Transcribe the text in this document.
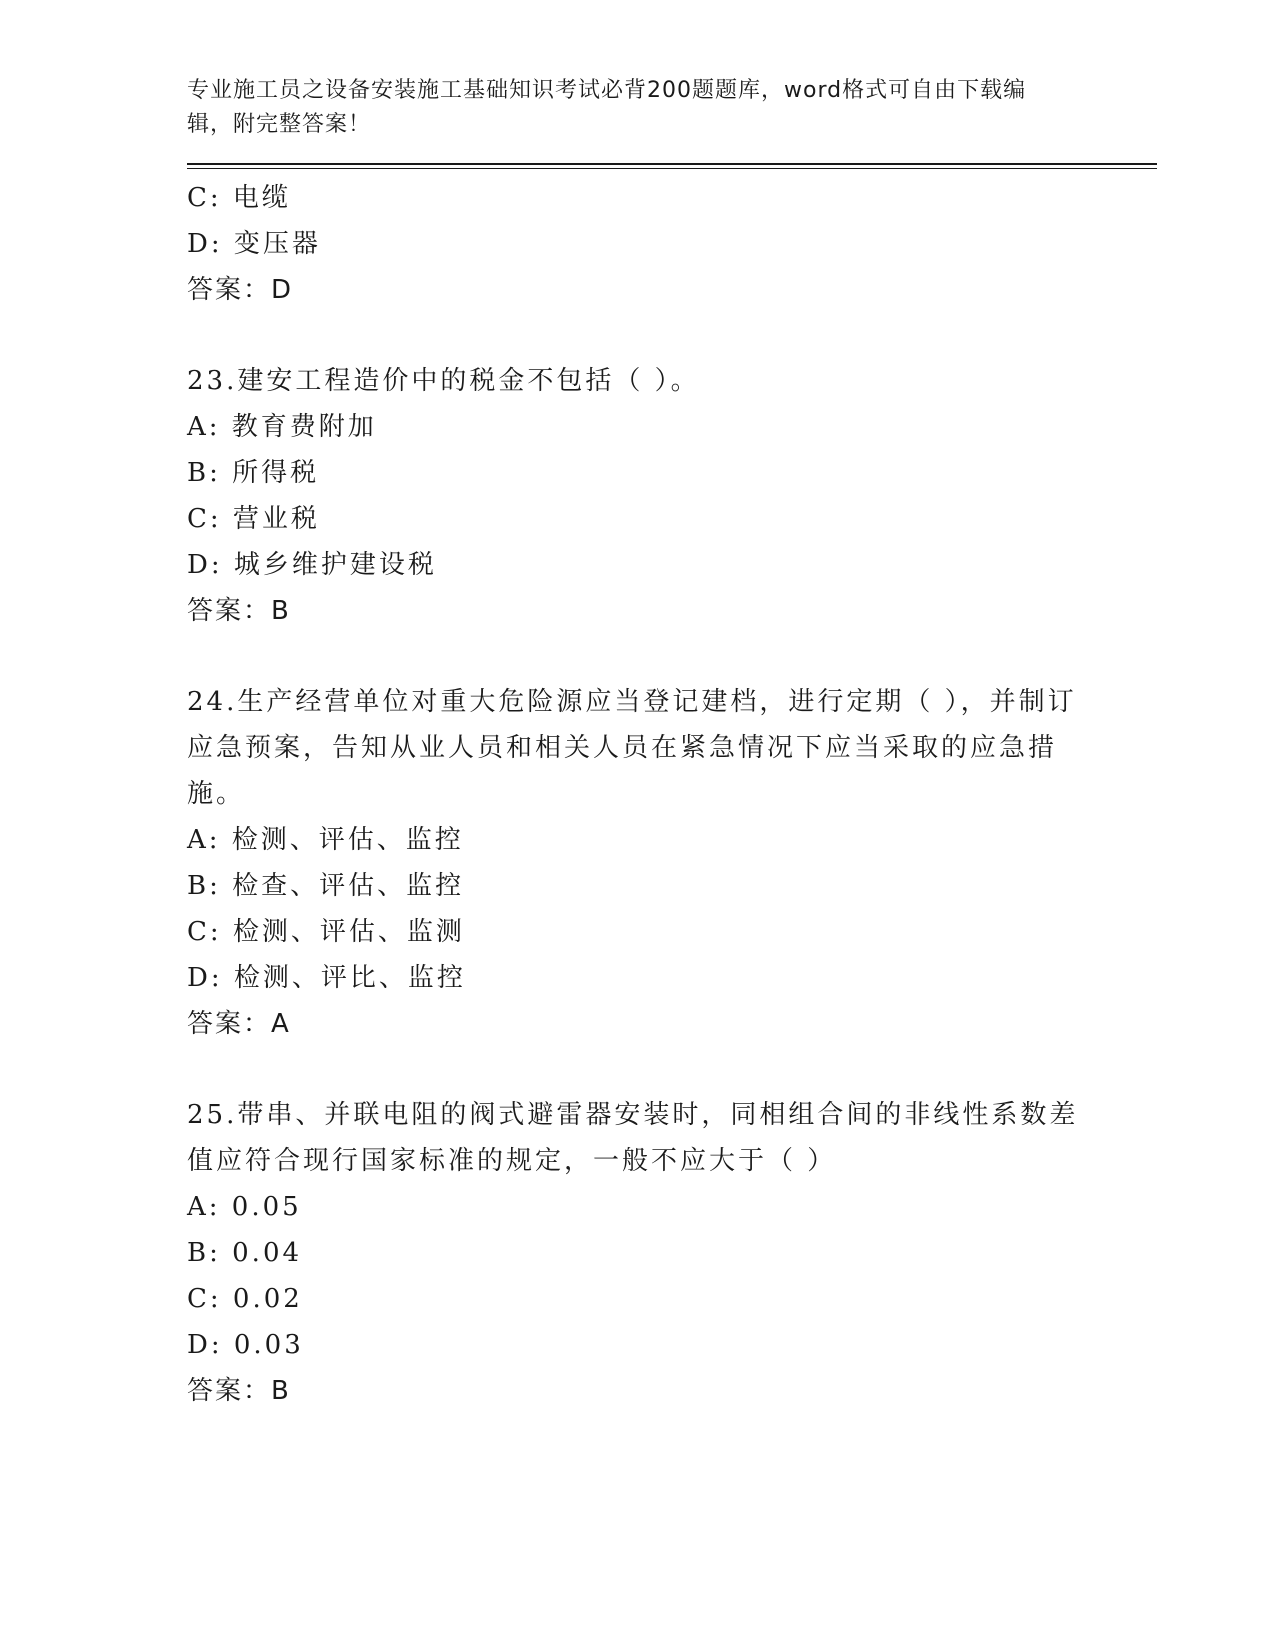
专业施工员之设备安装施工基础知识考试必背200题题库，word格式可自由下载编辑，附完整答案！
C: 电缆
D: 变压器
答案：D
23.建安工程造价中的税金不包括（ ）。
A: 教育费附加
B: 所得税
C: 营业税
D: 城乡维护建设税
答案：B
24.生产经营单位对重大危险源应当登记建档，进行定期（ ），并制订应急预案，告知从业人员和相关人员在紧急情况下应当采取的应急措施。
A: 检测、评估、监控
B: 检查、评估、监控
C: 检测、评估、监测
D: 检测、评比、监控
答案：A
25.带串、并联电阻的阀式避雷器安装时，同相组合间的非线性系数差值应符合现行国家标准的规定，一般不应大于（ ）
A: 0.05
B: 0.04
C: 0.02
D: 0.03
答案：B
